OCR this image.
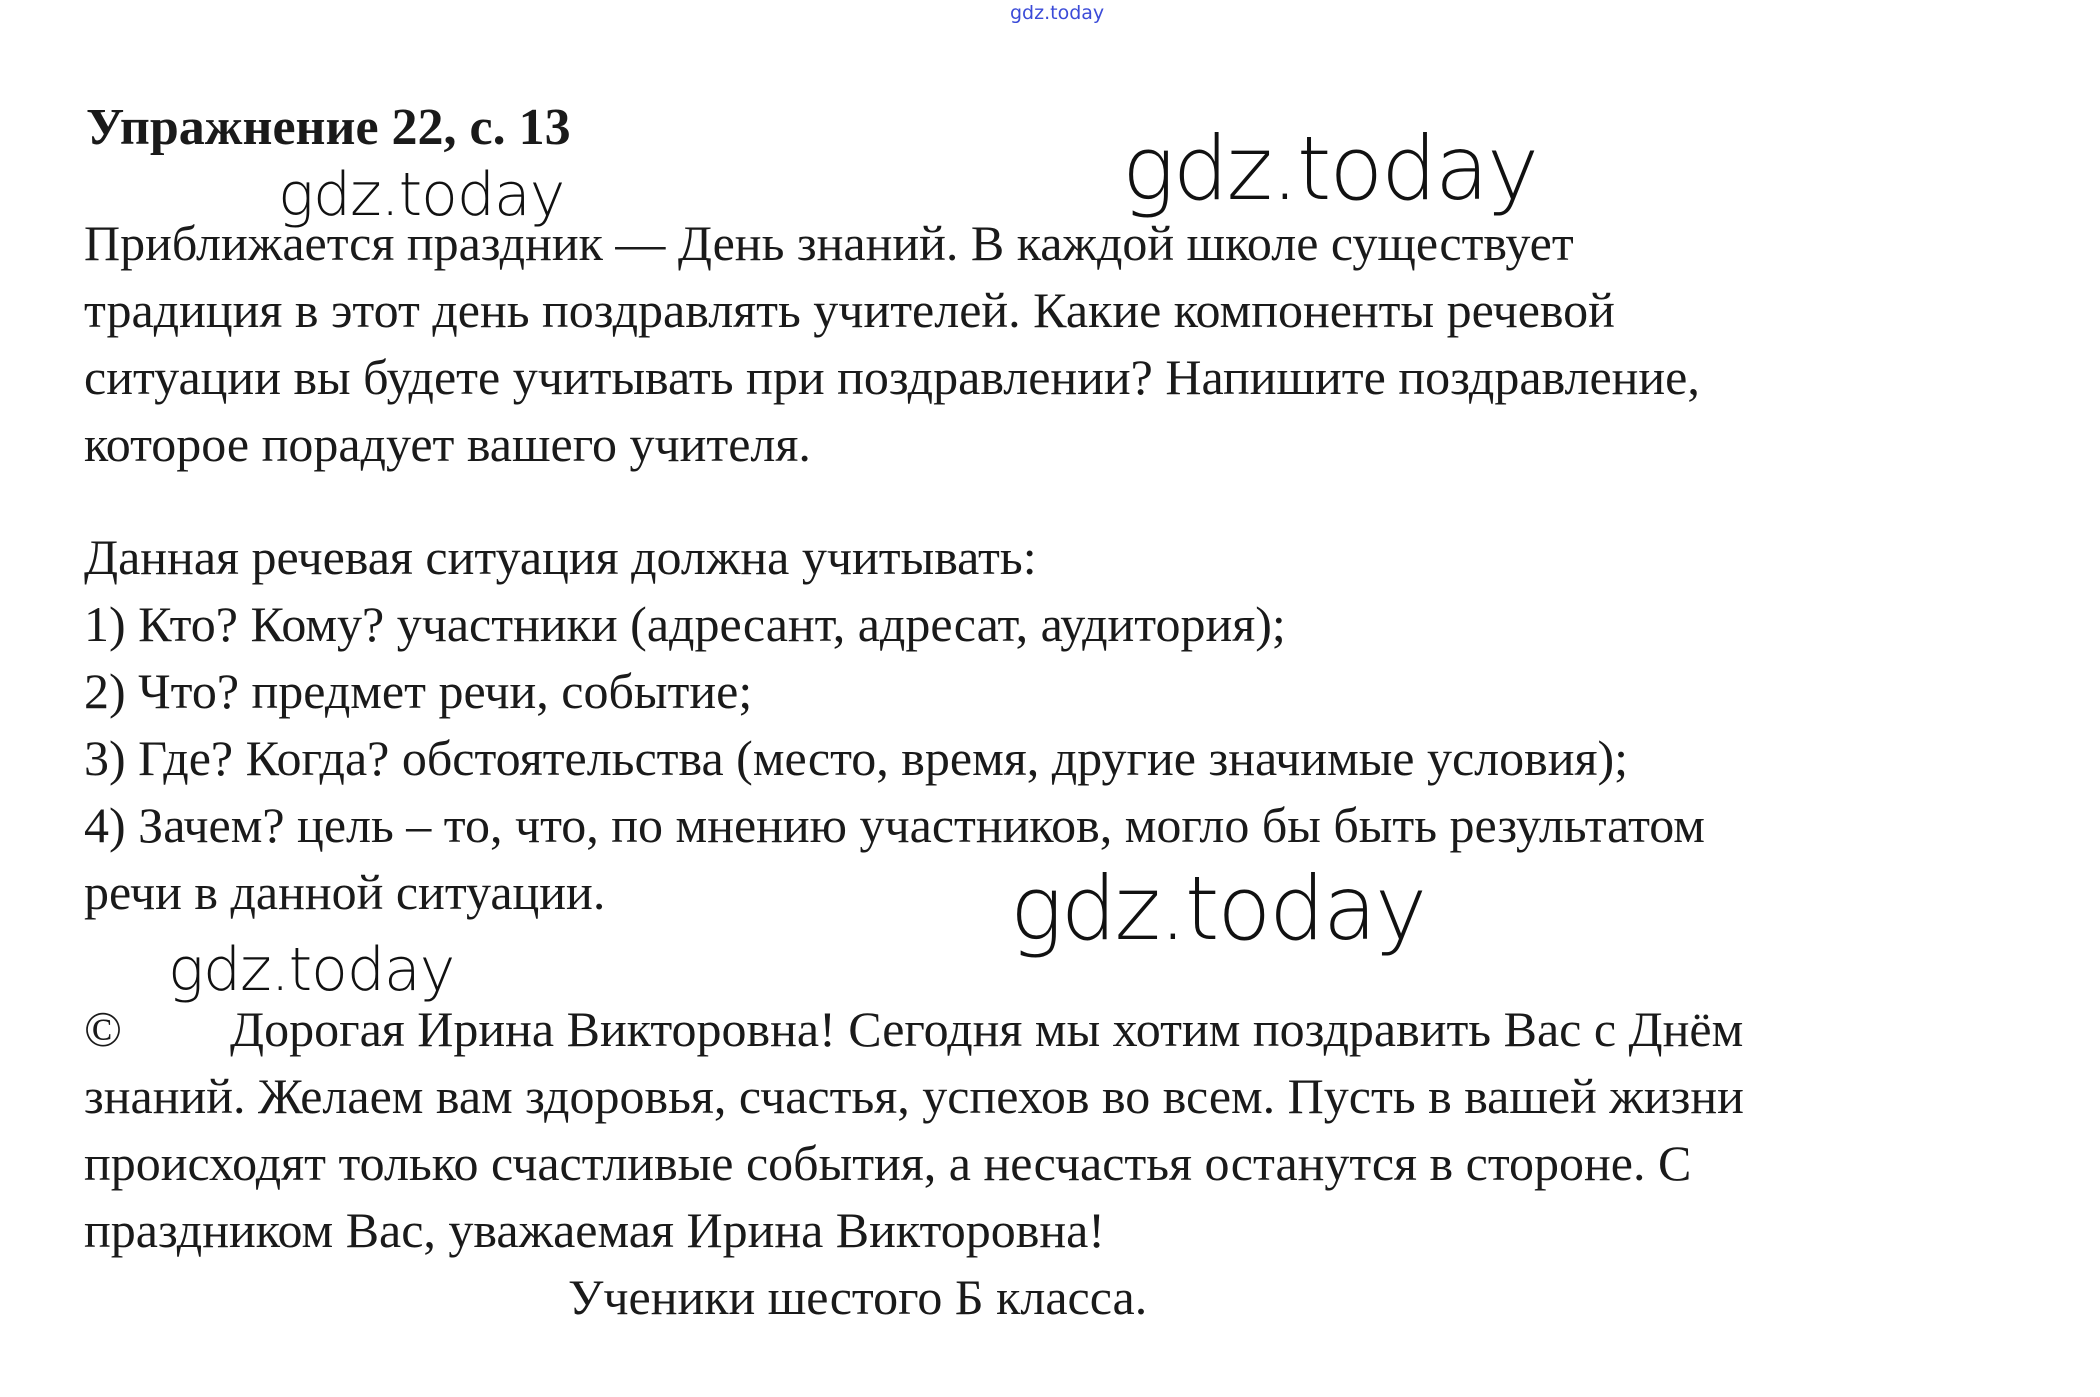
gdz.today
Упражнение 22, с. 13
gdz.today	gdz.today
Приближается праздник — День знаний. В каждой школе существует
традиция в этот день поздравлять учителей. Какие компоненты речевой
ситуации вы будете учитывать при поздравлении? Напишите поздравление,
которое порадует вашего учителя.
Данная речевая ситуация должна учитывать:
1) Кто? Кому? участники (адресант, адресат, аудитория);
2) Что? предмет речи, событие;
3) Где? Когда? обстоятельства (место, время, другие значимые условия);
4) Зачем? цель – то, что, по мнению участников, могло бы быть результатом
речи в данной ситуации.	gdz.today
gdz.today
© Дорогая Ирина Викторовна! Сегодня мы хотим поздравить Вас с Днём
знаний. Желаем вам здоровья, счастья, успехов во всем. Пусть в вашей жизни
происходят только счастливые события, а несчастья останутся в стороне. С
праздником Вас, уважаемая Ирина Викторовна!
Ученики шестого Б класса.
